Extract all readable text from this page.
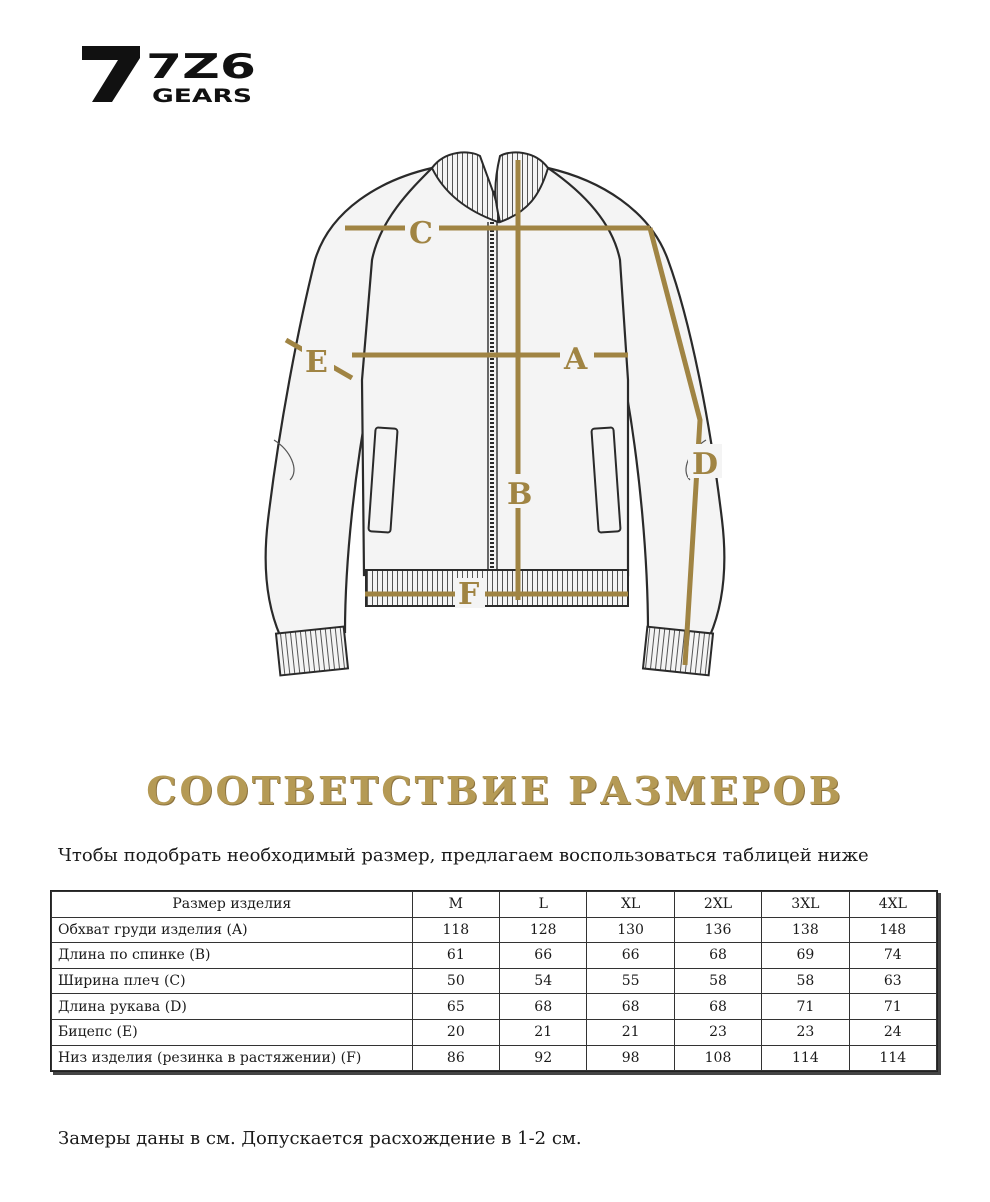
7Z6
GEARS
C
A
B
F
D
E
СООТВЕТСТВИЕ РАЗМЕРОВ
Чтобы подобрать необходимый размер, предлагаем воспользоваться таблицей ниже
Размер изделия	M	L	XL	2XL	3XL	4XL
Обхват груди изделия (A)	118	128	130	136	138	148
Длина по спинке (B)	61	66	66	68	69	74
Ширина плеч (C)	50	54	55	58	58	63
Длина рукава (D)	65	68	68	68	71	71
Бицепс (E)	20	21	21	23	23	24
Низ изделия (резинка в растяжении) (F)	86	92	98	108	114	114
Замеры даны в см. Допускается расхождение в 1-2 см.
